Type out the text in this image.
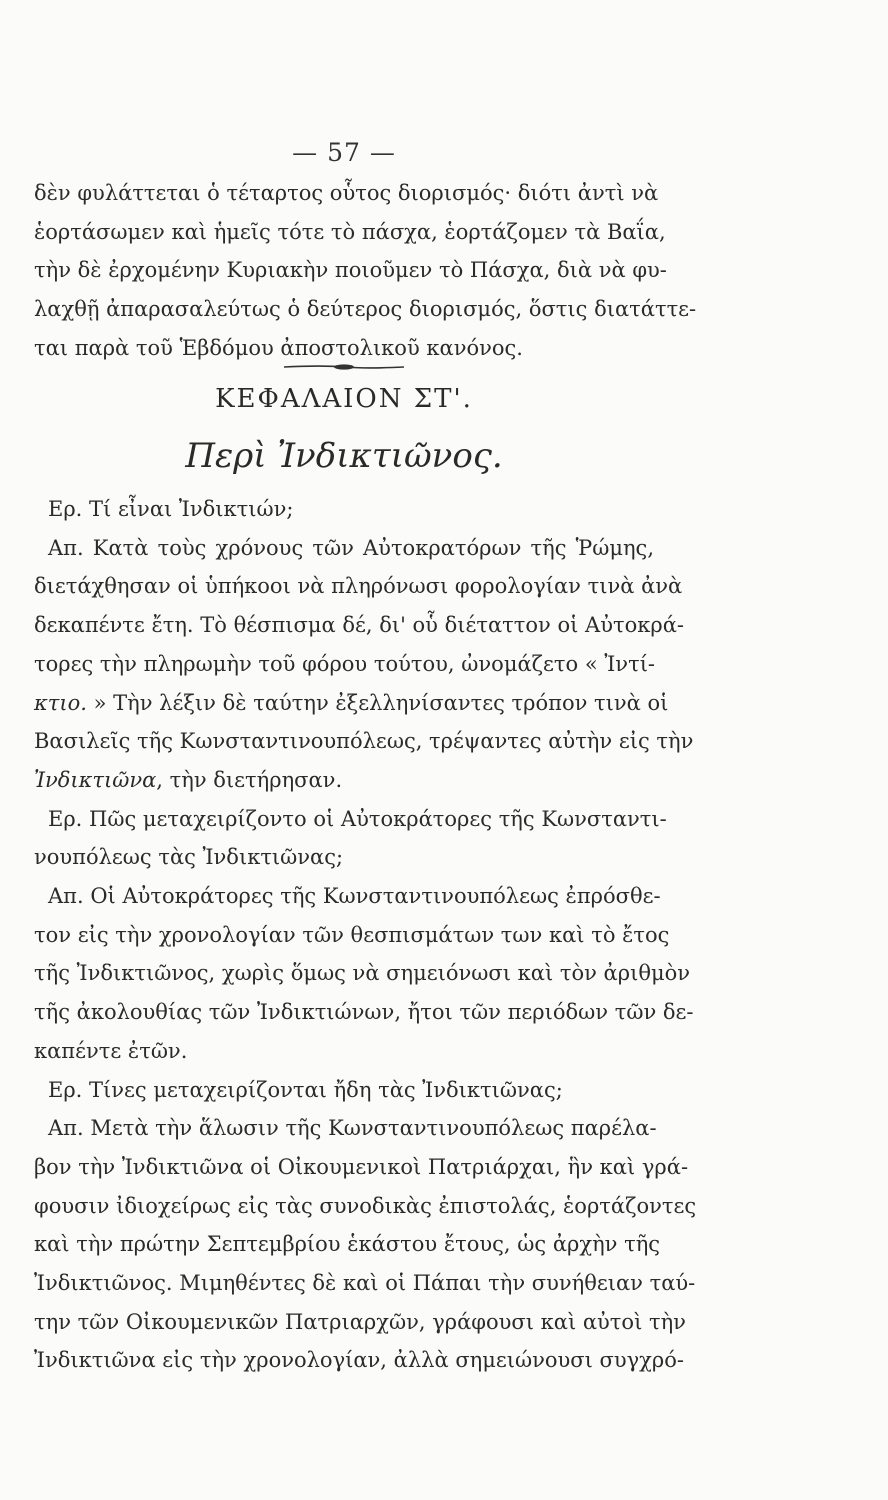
— 57 —
δὲν φυλάττεται ὁ τέταρτος οὗτος διορισμός· διότι ἀντὶ νὰ
ἑορτάσωμεν καὶ ἡμεῖς τότε τὸ πάσχα, ἑορτάζομεν τὰ Βαΐα,
τὴν δὲ ἐρχομένην Κυριακὴν ποιοῦμεν τὸ Πάσχα, διὰ νὰ φυ-
λαχθῇ ἀπαρασαλεύτως ὁ δεύτερος διορισμός, ὅστις διατάττε-
ται παρὰ τοῦ Ἑβδόμου ἀποστολικοῦ κανόνος.
ΚΕΦΑΛΑΙΟΝ ΣΤ'.
Περὶ Ἰνδικτιῶνος.
Ερ. Τί εἶναι Ἰνδικτιών;
Απ. Κατὰ τοὺς χρόνους τῶν Αὐτοκρατόρων τῆς Ῥώμης,
διετάχθησαν οἱ ὑπήκοοι νὰ πληρόνωσι φορολογίαν τινὰ ἀνὰ
δεκαπέντε ἔτη. Τὸ θέσπισμα δέ, δι' οὗ διέταττον οἱ Αὐτοκρά-
τορες τὴν πληρωμὴν τοῦ φόρου τούτου, ὠνομάζετο « Ἰντί-
κτιο. » Τὴν λέξιν δὲ ταύτην ἐξελληνίσαντες τρόπον τινὰ οἱ
Βασιλεῖς τῆς Κωνσταντινουπόλεως, τρέψαντες αὐτὴν εἰς τὴν
Ἰνδικτιῶνα, τὴν διετήρησαν.
Ερ. Πῶς μεταχειρίζοντο οἱ Αὐτοκράτορες τῆς Κωνσταντι-
νουπόλεως τὰς Ἰνδικτιῶνας;
Απ. Οἱ Αὐτοκράτορες τῆς Κωνσταντινουπόλεως ἐπρόσθε-
τον εἰς τὴν χρονολογίαν τῶν θεσπισμάτων των καὶ τὸ ἔτος
τῆς Ἰνδικτιῶνος, χωρὶς ὅμως νὰ σημειόνωσι καὶ τὸν ἀριθμὸν
τῆς ἀκολουθίας τῶν Ἰνδικτιώνων, ἤτοι τῶν περιόδων τῶν δε-
καπέντε ἐτῶν.
Ερ. Τίνες μεταχειρίζονται ἤδη τὰς Ἰνδικτιῶνας;
Απ. Μετὰ τὴν ἅλωσιν τῆς Κωνσταντινουπόλεως παρέλα-
βον τὴν Ἰνδικτιῶνα οἱ Οἰκουμενικοὶ Πατριάρχαι, ἣν καὶ γρά-
φουσιν ἰδιοχείρως εἰς τὰς συνοδικὰς ἐπιστολάς, ἑορτάζοντες
καὶ τὴν πρώτην Σεπτεμβρίου ἑκάστου ἔτους, ὡς ἀρχὴν τῆς
Ἰνδικτιῶνος. Μιμηθέντες δὲ καὶ οἱ Πάπαι τὴν συνήθειαν ταύ-
την τῶν Οἰκουμενικῶν Πατριαρχῶν, γράφουσι καὶ αὐτοὶ τὴν
Ἰνδικτιῶνα εἰς τὴν χρονολογίαν, ἀλλὰ σημειώνουσι συγχρό-
